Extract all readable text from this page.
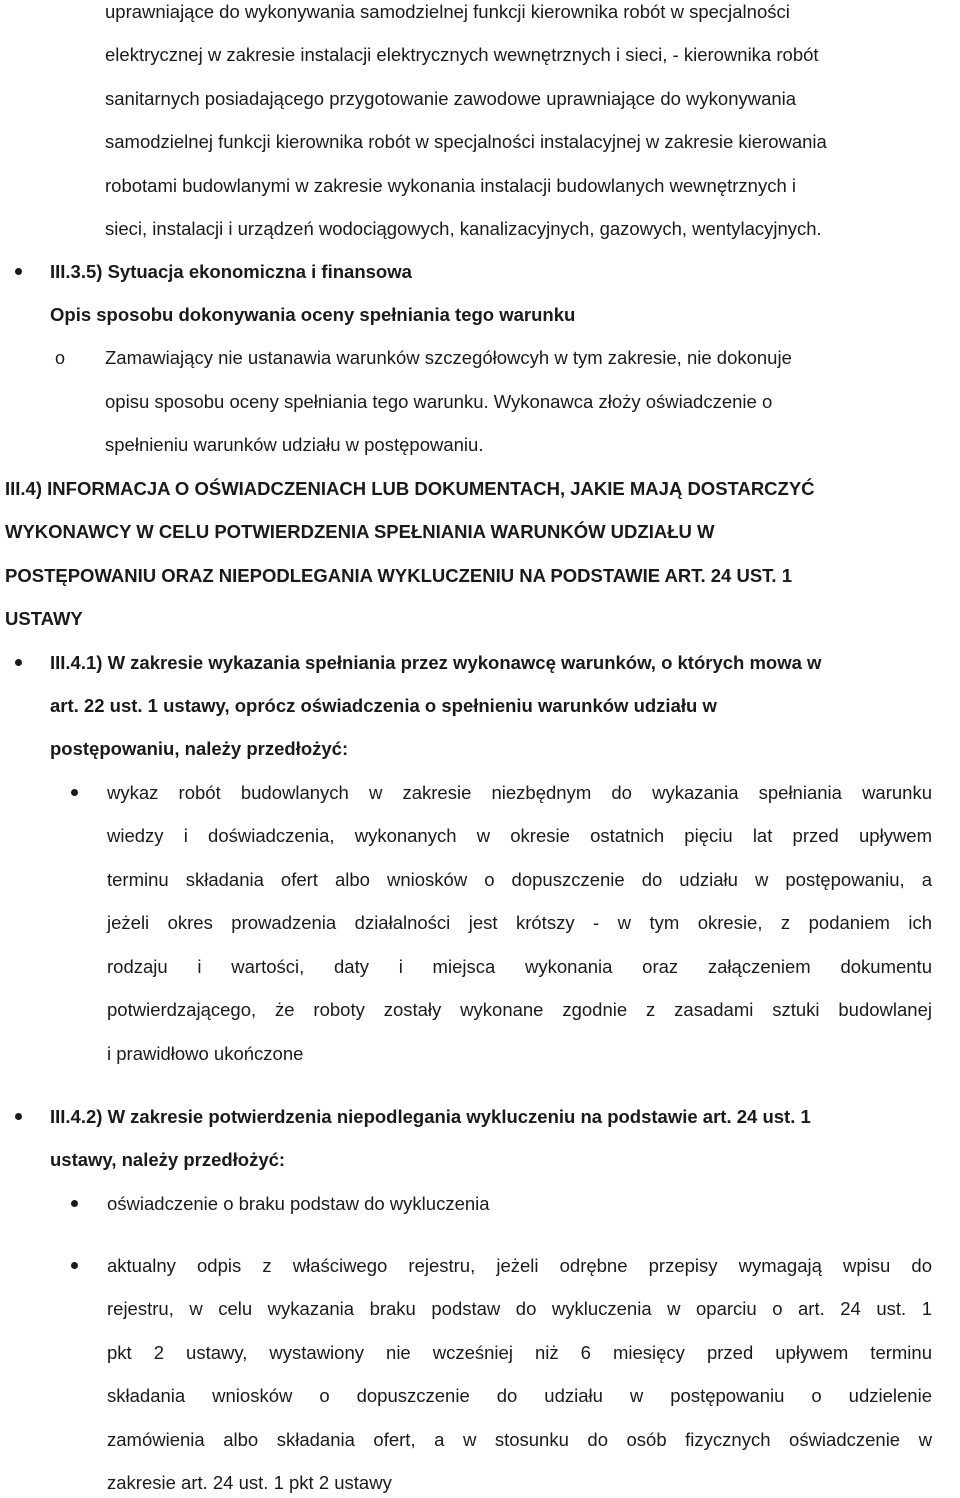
uprawniające do wykonywania samodzielnej funkcji kierownika robót w specjalności
elektrycznej w zakresie instalacji elektrycznych wewnętrznych i sieci, - kierownika robót
sanitarnych posiadającego przygotowanie zawodowe uprawniające do wykonywania
samodzielnej funkcji kierownika robót w specjalności instalacyjnej w zakresie kierowania
robotami budowlanymi w zakresie wykonania instalacji budowlanych wewnętrznych i
sieci, instalacji i urządzeń wodociągowych, kanalizacyjnych, gazowych, wentylacyjnych.
III.3.5) Sytuacja ekonomiczna i finansowa
Opis sposobu dokonywania oceny spełniania tego warunku
o Zamawiający nie ustanawia warunków szczegółowcyh w tym zakresie, nie dokonuje
opisu sposobu oceny spełniania tego warunku. Wykonawca złoży oświadczenie o
spełnieniu warunków udziału w postępowaniu.
III.4) INFORMACJA O OŚWIADCZENIACH LUB DOKUMENTACH, JAKIE MAJĄ DOSTARCZYĆ
WYKONAWCY W CELU POTWIERDZENIA SPEŁNIANIA WARUNKÓW UDZIAŁU W
POSTĘPOWANIU ORAZ NIEPODLEGANIA WYKLUCZENIU NA PODSTAWIE ART. 24 UST. 1
USTAWY
III.4.1) W zakresie wykazania spełniania przez wykonawcę warunków, o których mowa w
art. 22 ust. 1 ustawy, oprócz oświadczenia o spełnieniu warunków udziału w
postępowaniu, należy przedłożyć:
wykaz robót budowlanych w zakresie niezbędnym do wykazania spełniania warunku
wiedzy i doświadczenia, wykonanych w okresie ostatnich pięciu lat przed upływem
terminu składania ofert albo wniosków o dopuszczenie do udziału w postępowaniu, a
jeżeli okres prowadzenia działalności jest krótszy - w tym okresie, z podaniem ich
rodzaju i wartości, daty i miejsca wykonania oraz załączeniem dokumentu
potwierdzającego, że roboty zostały wykonane zgodnie z zasadami sztuki budowlanej
i prawidłowo ukończone
III.4.2) W zakresie potwierdzenia niepodlegania wykluczeniu na podstawie art. 24 ust. 1
ustawy, należy przedłożyć:
oświadczenie o braku podstaw do wykluczenia
aktualny odpis z właściwego rejestru, jeżeli odrębne przepisy wymagają wpisu do
rejestru, w celu wykazania braku podstaw do wykluczenia w oparciu o art. 24 ust. 1
pkt 2 ustawy, wystawiony nie wcześniej niż 6 miesięcy przed upływem terminu
składania wniosków o dopuszczenie do udziału w postępowaniu o udzielenie
zamówienia albo składania ofert, a w stosunku do osób fizycznych oświadczenie w
zakresie art. 24 ust. 1 pkt 2 ustawy
